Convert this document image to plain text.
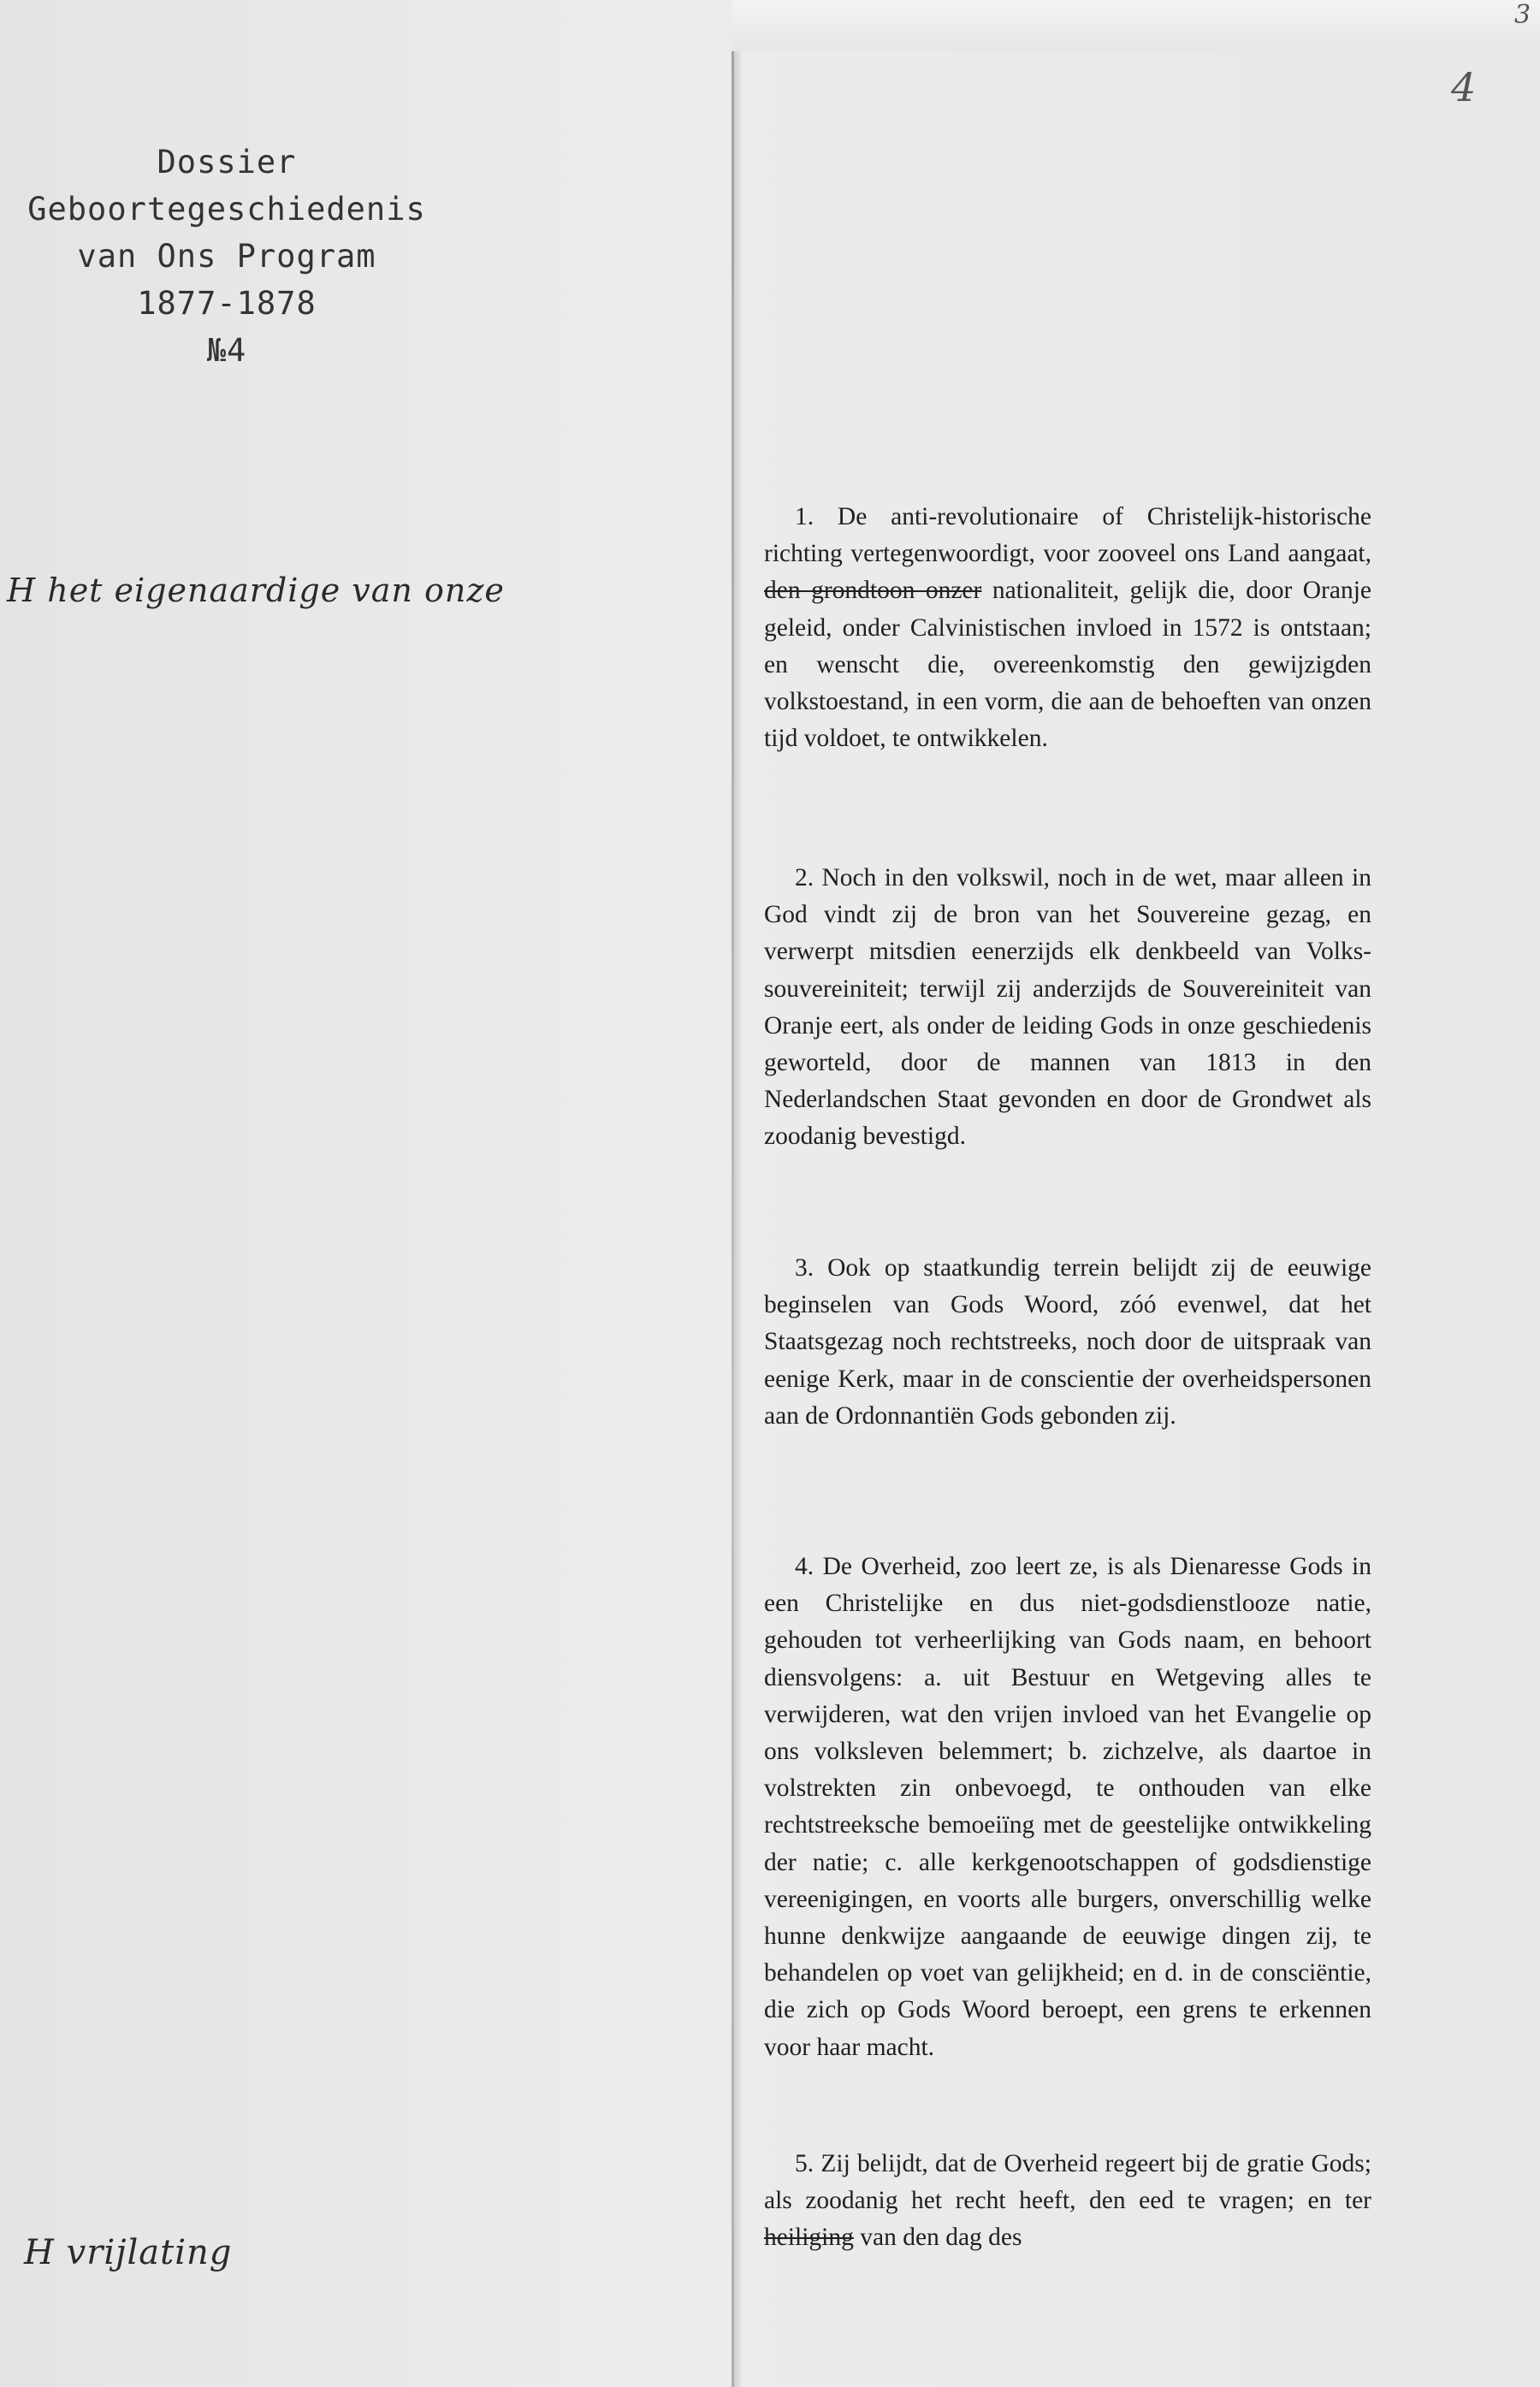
Dossier
Geboortegeschiedenis
van Ons Program
1877-1878
№4
4
3
H het eigenaardige van onze
H vrijlating

1. De anti-revolutionaire of Christelijk-historische richting vertegenwoordigt, voor zooveel ons Land aangaat, den grondtoon onzer nationaliteit, gelijk die, door Oranje geleid, onder Calvinistischen invloed in 1572 is ontstaan; en wenscht die, overeenkomstig den gewijzigden volkstoestand, in een vorm, die aan de behoeften van onzen tijd voldoet, te ontwikkelen.

2. Noch in den volkswil, noch in de wet, maar alleen in God vindt zij de bron van het Souvereine gezag, en verwerpt mitsdien eenerzijds elk denkbeeld van Volks-souvereiniteit; terwijl zij anderzijds de Souvereiniteit van Oranje eert, als onder de leiding Gods in onze geschiedenis geworteld, door de mannen van 1813 in den Nederlandschen Staat gevonden en door de Grondwet als zoodanig bevestigd.

3. Ook op staatkundig terrein belijdt zij de eeuwige beginselen van Gods Woord, zóó evenwel, dat het Staatsgezag noch rechtstreeks, noch door de uitspraak van eenige Kerk, maar in de conscientie der overheidspersonen aan de Ordonnantiën Gods gebonden zij.

4. De Overheid, zoo leert ze, is als Dienaresse Gods in een Christelijke en dus niet-godsdienstlooze natie, gehouden tot verheerlijking van Gods naam, en behoort diensvolgens: a. uit Bestuur en Wetgeving alles te verwijderen, wat den vrijen invloed van het Evangelie op ons volksleven belemmert; b. zichzelve, als daartoe in volstrekten zin onbevoegd, te onthouden van elke rechtstreeksche bemoeiïng met de geestelijke ontwikkeling der natie; c. alle kerkgenootschappen of godsdienstige vereenigingen, en voorts alle burgers, onverschillig welke hunne denkwijze aangaande de eeuwige dingen zij, te behandelen op voet van gelijkheid; en d. in de consciëntie, die zich op Gods Woord beroept, een grens te erkennen voor haar macht.

5. Zij belijdt, dat de Overheid regeert bij de gratie Gods; als zoodanig het recht heeft, den eed te vragen; en ter heiliging van den dag des
